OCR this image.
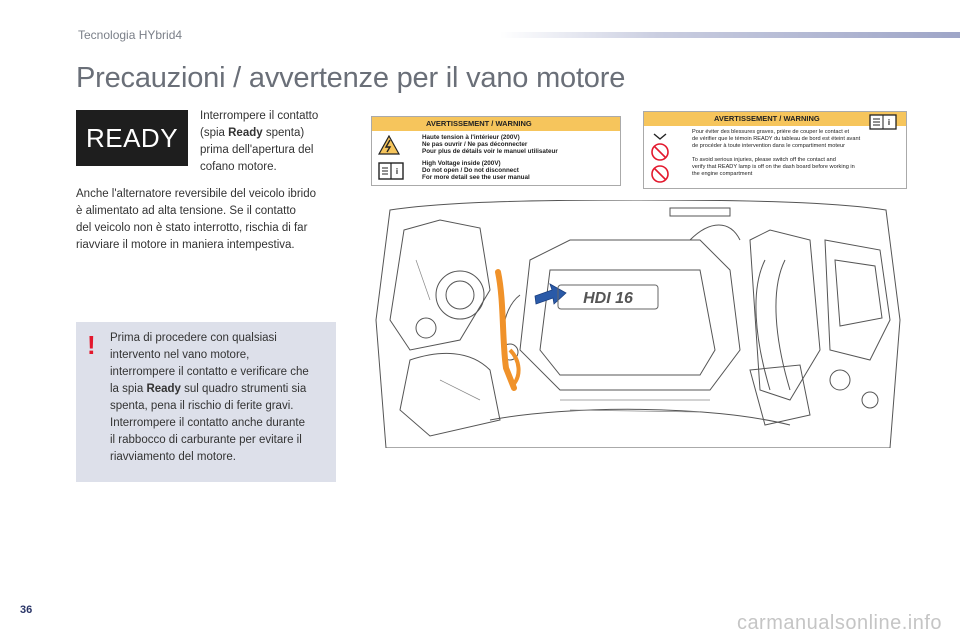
Tecnologia HYbrid4
Precauzioni / avvertenze per il vano motore
READY
Interrompere il contatto
(spia Ready spenta)
prima dell'apertura del
cofano motore.
Anche l'alternatore reversibile del veicolo ibrido
è alimentato ad alta tensione. Se il contatto
del veicolo non è stato interrotto, rischia di far
riavviare il motore in maniera intempestiva.
! Prima di procedere con qualsiasi
intervento nel vano motore,
interrompere il contatto e verificare che
la spia Ready sul quadro strumenti sia
spenta, pena il rischio di ferite gravi.
Interrompere il contatto anche durante
il rabbocco di carburante per evitare il
riavviamento del motore.
AVERTISSEMENT / WARNING
i
Haute tension à l'intérieur (200V)
Ne pas ouvrir / Ne pas déconnecter
Pour plus de détails voir le manuel utilisateur
High Voltage inside (200V)
Do not open / Do not disconnect
For more detail see the user manual
AVERTISSEMENT / WARNING	i
Pour éviter des blessures graves, prière de couper le contact et
de vérifier que le témoin READY du tableau de bord est éteint avant
de procéder à toute intervention dans le compartiment moteur
To avoid serious injuries, please switch off the contact and
verify that READY lamp is off on the dash board before working in
the engine compartment
HDI 16
36
carmanualsonline.info
